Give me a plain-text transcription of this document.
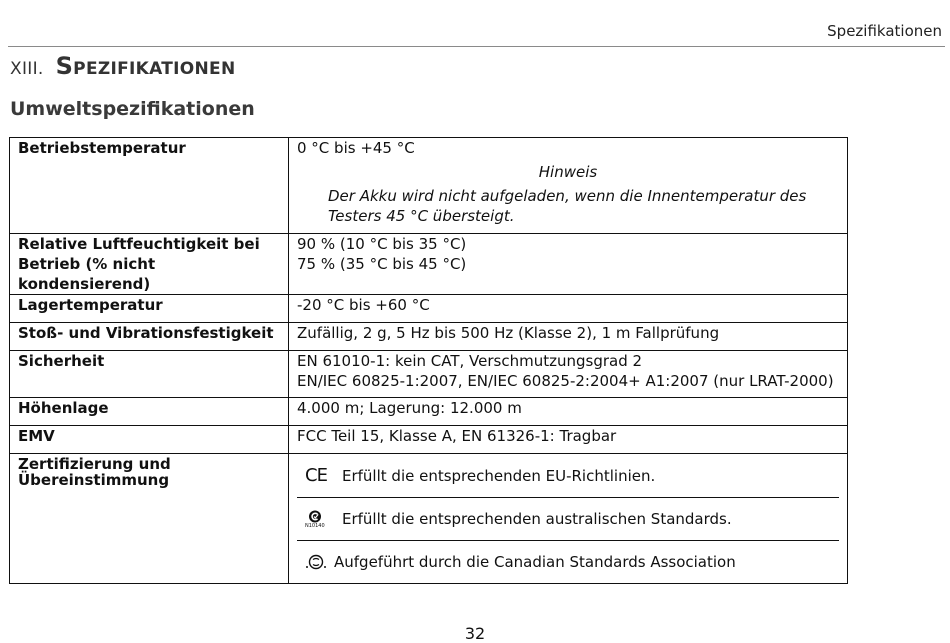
Spezifikationen
XIII. Spezifikationen
Umweltspezifikationen
Betriebstemperatur	0 °C bis +45 °C
Hinweis
Der Akku wird nicht aufgeladen, wenn die Innentemperatur des Testers 45 °C übersteigt.

Relative Luftfeuchtigkeit bei Betrieb (% nicht kondensierend)	90 % (10 °C bis 35 °C)
75 % (35 °C bis 45 °C)

Lagertemperatur	-20 °C bis +60 °C

Stoß- und Vibrationsfestigkeit	Zufällig, 2 g, 5 Hz bis 500 Hz (Klasse 2), 1 m Fallprüfung

Sicherheit	EN 61010-1: kein CAT, Verschmutzungsgrad 2
EN/IEC 60825-1:2007, EN/IEC 60825-2:2004+ A1:2007 (nur LRAT-2000)

Höhenlage	4.000 m; Lagerung: 12.000 m

EMV	FCC Teil 15, Klasse A, EN 61326-1: Tragbar

Zertifizierung und Übereinstimmung	CE Erfüllt die entsprechenden EU-Richtlinien.
N10140 Erfüllt die entsprechenden australischen Standards.
Aufgeführt durch die Canadian Standards Association
32
